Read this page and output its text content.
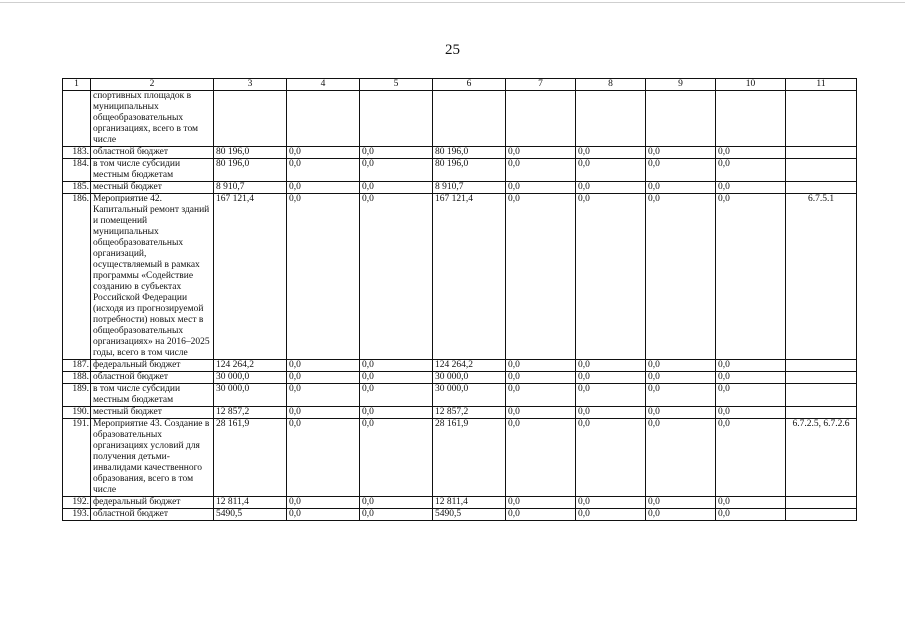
25
1	2	3	4	5	6	7	8	9	10	11
	спортивных площадок в муниципальных общеобразовательных организациях, всего в том числе									
183.	областной бюджет	80 196,0	0,0	0,0	80 196,0	0,0	0,0	0,0	0,0	
184.	в том числе субсидии местным бюджетам	80 196,0	0,0	0,0	80 196,0	0,0	0,0	0,0	0,0	
185.	местный бюджет	8 910,7	0,0	0,0	8 910,7	0,0	0,0	0,0	0,0	
186.	Мероприятие 42. Капитальный ремонт зданий и помещений муниципальных общеобразовательных организаций, осуществляемый в рамках программы «Содействие созданию в субъектах Российской Федерации (исходя из прогнозируемой потребности) новых мест в общеобразовательных организациях» на 2016–2025 годы, всего в том числе	167 121,4	0,0	0,0	167 121,4	0,0	0,0	0,0	0,0	6.7.5.1
187.	федеральный бюджет	124 264,2	0,0	0,0	124 264,2	0,0	0,0	0,0	0,0	
188.	областной бюджет	30 000,0	0,0	0,0	30 000,0	0,0	0,0	0,0	0,0	
189.	в том числе субсидии местным бюджетам	30 000,0	0,0	0,0	30 000,0	0,0	0,0	0,0	0,0	
190.	местный бюджет	12 857,2	0,0	0,0	12 857,2	0,0	0,0	0,0	0,0	
191.	Мероприятие 43. Создание в образовательных организациях условий для получения детьми-инвалидами качественного образования, всего в том числе	28 161,9	0,0	0,0	28 161,9	0,0	0,0	0,0	0,0	6.7.2.5, 6.7.2.6
192.	федеральный бюджет	12 811,4	0,0	0,0	12 811,4	0,0	0,0	0,0	0,0	
193.	областной бюджет	5490,5	0,0	0,0	5490,5	0,0	0,0	0,0	0,0	
